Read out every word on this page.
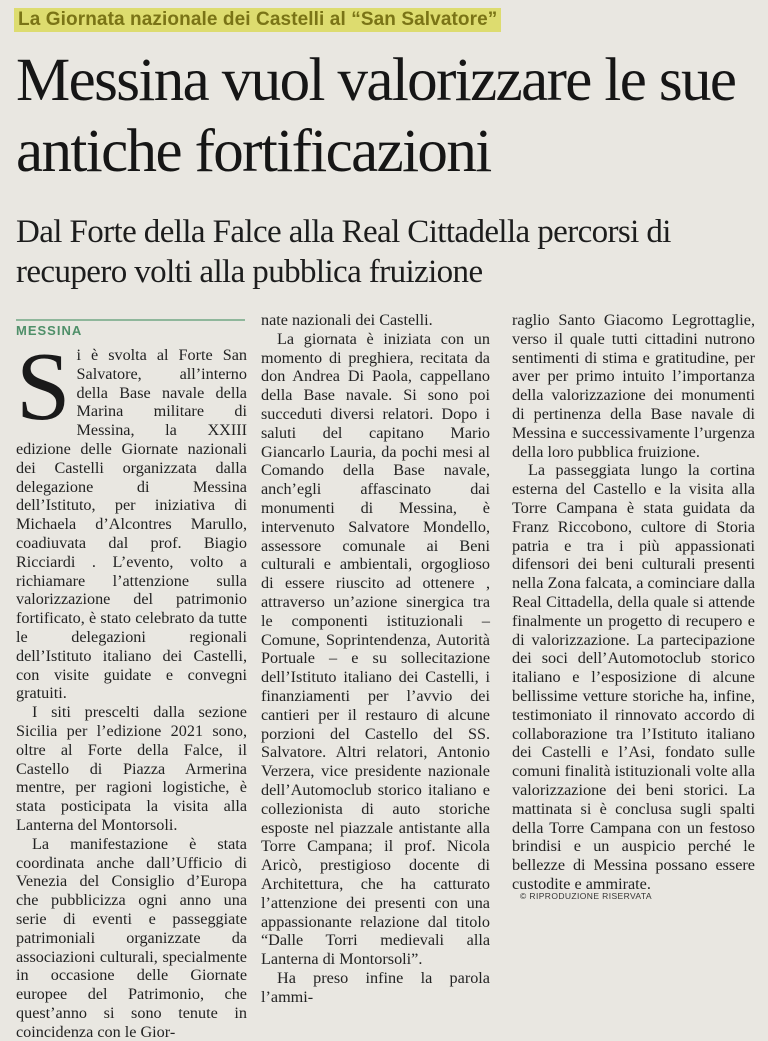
La Giornata nazionale dei Castelli al “San Salvatore”
Messina vuol valorizzare le sue antiche fortificazioni
Dal Forte della Falce alla Real Cittadella percorsi di recupero volti alla pubblica fruizione
MESSINA

Si è svolta al Forte San Salvatore, all’interno della Base navale della Marina militare di Messina, la XXIII edizione delle Giornate nazionali dei Castelli organizzata dalla delegazione di Messina dell’Istituto, per iniziativa di Michaela d’Alcontres Marullo, coadiuvata dal prof. Biagio Ricciardi . L’evento, volto a richiamare l’attenzione sulla valorizzazione del patrimonio fortificato, è stato celebrato da tutte le delegazioni regionali dell’Istituto italiano dei Castelli, con visite guidate e convegni gratuiti.

I siti prescelti dalla sezione Sicilia per l’edizione 2021 sono, oltre al Forte della Falce, il Castello di Piazza Armerina mentre, per ragioni logistiche, è stata posticipata la visita alla Lanterna del Montorsoli.

La manifestazione è stata coordinata anche dall’Ufficio di Venezia del Consiglio d’Europa che pubblicizza ogni anno una serie di eventi e passeggiate patrimoniali organizzate da associazioni culturali, specialmente in occasione delle Giornate europee del Patrimonio, che quest’anno si sono tenute in coincidenza con le Gior-

nate nazionali dei Castelli.

La giornata è iniziata con un momento di preghiera, recitata da don Andrea Di Paola, cappellano della Base navale. Si sono poi succeduti diversi relatori. Dopo i saluti del capitano Mario Giancarlo Lauria, da pochi mesi al Comando della Base navale, anch’egli affascinato dai monumenti di Messina, è intervenuto Salvatore Mondello, assessore comunale ai Beni culturali e ambientali, orgoglioso di essere riuscito ad ottenere , attraverso un’azione sinergica tra le componenti istituzionali – Comune, Soprintendenza, Autorità Portuale – e su sollecitazione dell’Istituto italiano dei Castelli, i finanziamenti per l’avvio dei cantieri per il restauro di alcune porzioni del Castello del SS. Salvatore. Altri relatori, Antonio Verzera, vice presidente nazionale dell’Automoclub storico italiano e collezionista di auto storiche esposte nel piazzale antistante alla Torre Campana; il prof. Nicola Aricò, prestigioso docente di Architettura, che ha catturato l’attenzione dei presenti con una appassionante relazione dal titolo “Dalle Torri medievali alla Lanterna di Montorsoli”.

Ha preso infine la parola l’ammi-

raglio Santo Giacomo Legrottaglie, verso il quale tutti cittadini nutrono sentimenti di stima e gratitudine, per aver per primo intuito l’importanza della valorizzazione dei monumenti di pertinenza della Base navale di Messina e successivamente l’urgenza della loro pubblica fruizione.

La passeggiata lungo la cortina esterna del Castello e la visita alla Torre Campana è stata guidata da Franz Riccobono, cultore di Storia patria e tra i più appassionati difensori dei beni culturali presenti nella Zona falcata, a cominciare dalla Real Cittadella, della quale si attende finalmente un progetto di recupero e di valorizzazione. La partecipazione dei soci dell’Automotoclub storico italiano e l’esposizione di alcune bellissime vetture storiche ha, infine, testimoniato il rinnovato accordo di collaborazione tra l’Istituto italiano dei Castelli e l’Asi, fondato sulle comuni finalità istituzionali volte alla valorizzazione dei beni storici. La mattinata si è conclusa sugli spalti della Torre Campana con un festoso brindisi e un auspicio perché le bellezze di Messina possano essere custodite e ammirate.

© RIPRODUZIONE RISERVATA
